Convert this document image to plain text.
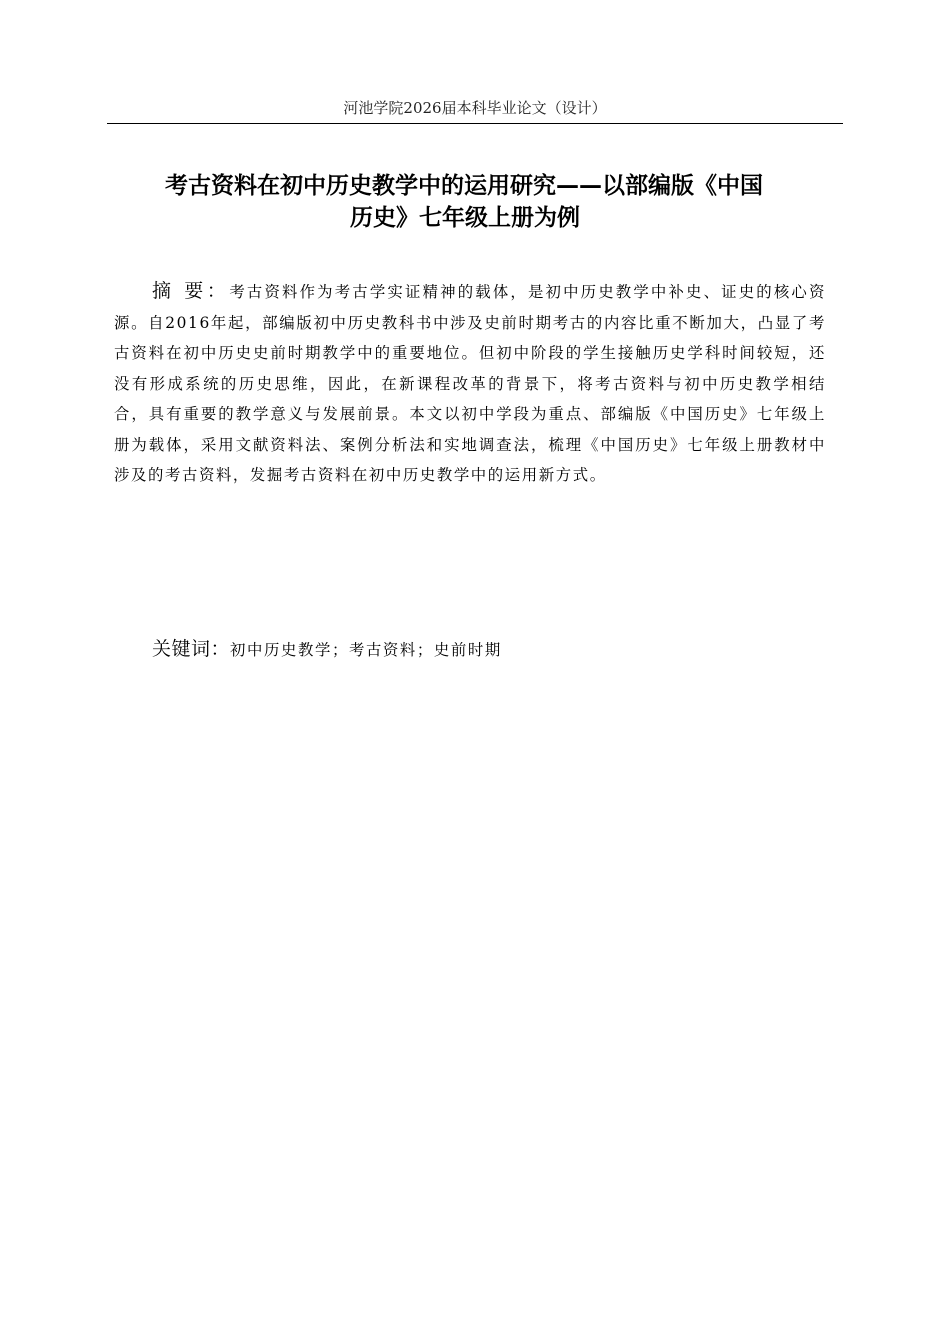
河池学院2026届本科毕业论文（设计）
考古资料在初中历史教学中的运用研究——以部编版《中国
历史》七年级上册为例

摘 要：考古资料作为考古学实证精神的载体，是初中历史教学中补史、证史的核心资源。自2016年起，部编版初中历史教科书中涉及史前时期考古的内容比重不断加大，凸显了考古资料在初中历史史前时期教学中的重要地位。但初中阶段的学生接触历史学科时间较短，还没有形成系统的历史思维，因此，在新课程改革的背景下，将考古资料与初中历史教学相结合，具有重要的教学意义与发展前景。本文以初中学段为重点、部编版《中国历史》七年级上册为载体，采用文献资料法、案例分析法和实地调查法，梳理《中国历史》七年级上册教材中涉及的考古资料，发掘考古资料在初中历史教学中的运用新方式。

关键词：初中历史教学；考古资料；史前时期
